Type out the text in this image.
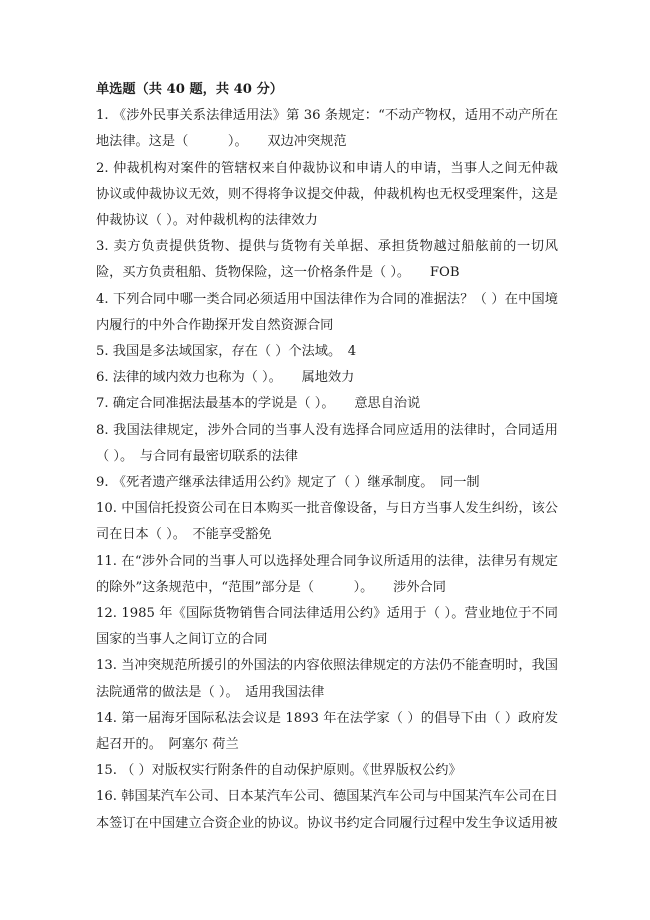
单选题（共 40 题，共 40 分）

1. 《涉外民事关系法律适用法》第 36 条规定：“不动产物权，适用不动产所在地法律。这是（　　　）。　　双边冲突规范

2. 仲裁机构对案件的管辖权来自仲裁协议和申请人的申请，当事人之间无仲裁协议或仲裁协议无效，则不得将争议提交仲裁，仲裁机构也无权受理案件，这是仲裁协议（ ）。对仲裁机构的法律效力

3. 卖方负责提供货物、提供与货物有关单据、承担货物越过船舷前的一切风险，买方负责租船、货物保险，这一价格条件是（ ）。　　FOB

4. 下列合同中哪一类合同必须适用中国法律作为合同的准据法？（ ）在中国境内履行的中外合作勘探开发自然资源合同

5. 我国是多法域国家，存在（ ）个法域。　4

6. 法律的域内效力也称为（ ）。　　属地效力

7. 确定合同准据法最基本的学说是（ ）。　　意思自治说

8. 我国法律规定，涉外合同的当事人没有选择合同应适用的法律时，合同适用（ ）。　与合同有最密切联系的法律

9. 《死者遗产继承法律适用公约》规定了（ ）继承制度。　同一制

10. 中国信托投资公司在日本购买一批音像设备，与日方当事人发生纠纷，该公司在日本（ ）。　不能享受豁免

11. 在“涉外合同的当事人可以选择处理合同争议所适用的法律，法律另有规定的除外”这条规范中，“范围”部分是（　　　）。　　涉外合同

12. 1985 年《国际货物销售合同法律适用公约》适用于（ ）。营业地位于不同国家的当事人之间订立的合同

13. 当冲突规范所援引的外国法的内容依照法律规定的方法仍不能查明时，我国法院通常的做法是（ ）。　适用我国法律

14. 第一届海牙国际私法会议是 1893 年在法学家（ ）的倡导下由（ ）政府发起召开的。　阿塞尔 荷兰

15. （ ）对版权实行附条件的自动保护原则。《世界版权公约》

16. 韩国某汽车公司、日本某汽车公司、德国某汽车公司与中国某汽车公司在日本签订在中国建立合资企业的协议。协议书约定合同履行过程中发生争议适用被
